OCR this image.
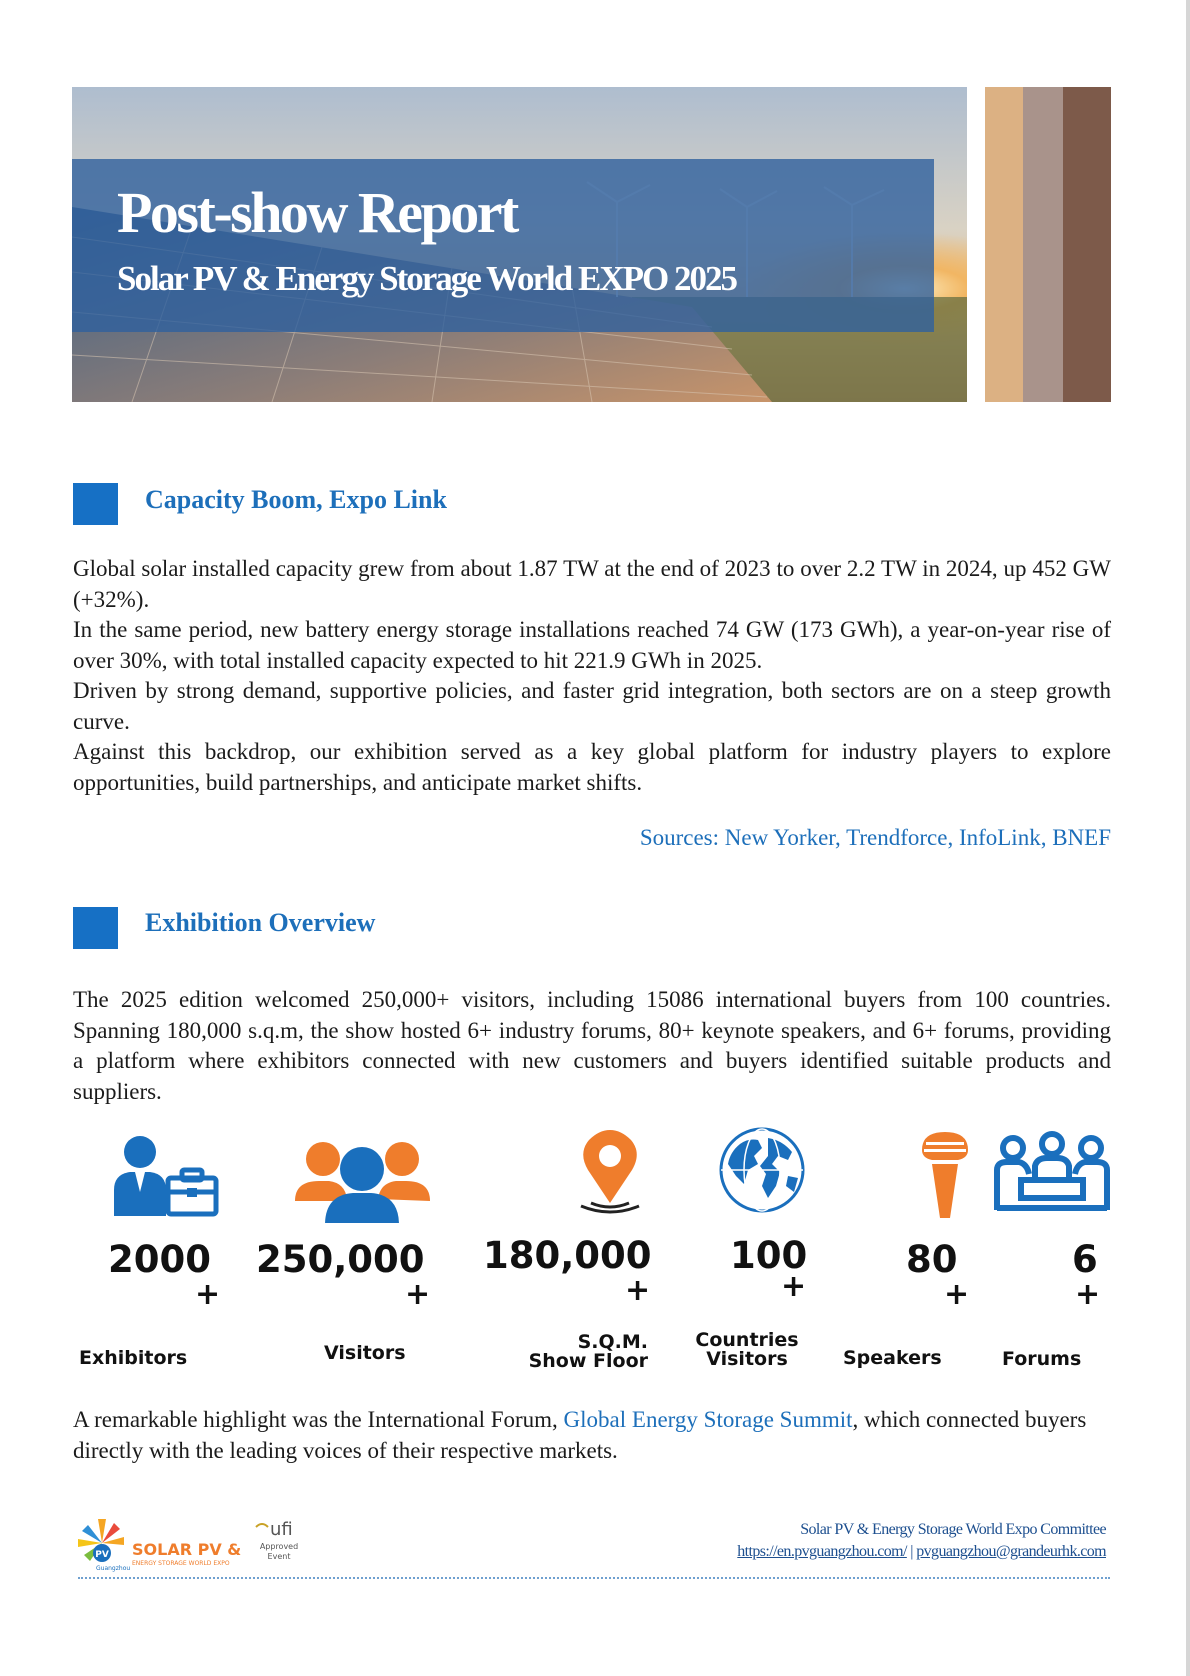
Post-show Report
Solar PV & Energy Storage World EXPO 2025
Capacity Boom, Expo Link
Global solar installed capacity grew from about 1.87 TW at the end of 2023 to over 2.2 TW in 2024, up 452 GW (+32%).
In the same period, new battery energy storage installations reached 74 GW (173 GWh), a year-on-year rise of over 30%, with total installed capacity expected to hit 221.9 GWh in 2025.
Driven by strong demand, supportive policies, and faster grid integration, both sectors are on a steep growth curve.
Against this backdrop, our exhibition served as a key global platform for industry players to explore opportunities, build partnerships, and anticipate market shifts.
Sources: New Yorker, Trendforce, InfoLink, BNEF
Exhibition Overview
The 2025 edition welcomed 250,000+ visitors, including 15086 international buyers from 100 countries. Spanning 180,000 s.q.m, the show hosted 6+ industry forums, 80+ keynote speakers, and 6+ forums, providing a platform where exhibitors connected with new customers and buyers identified suitable products and suppliers.
2000
+
Exhibitors
250,000
+
Visitors
180,000
+
S.Q.M.
Show Floor
100
+
Countries
Visitors
80
+
Speakers
6
+
Forums
A remarkable highlight was the International Forum, Global Energy Storage Summit, which connected buyers directly with the leading voices of their respective markets.
PV
Guangzhou
SOLAR PV &
ENERGY STORAGE WORLD EXPO
ufi
Approved
Event
Solar PV & Energy Storage World Expo Committee
https://en.pvguangzhou.com/ | pvguangzhou@grandeurhk.com
